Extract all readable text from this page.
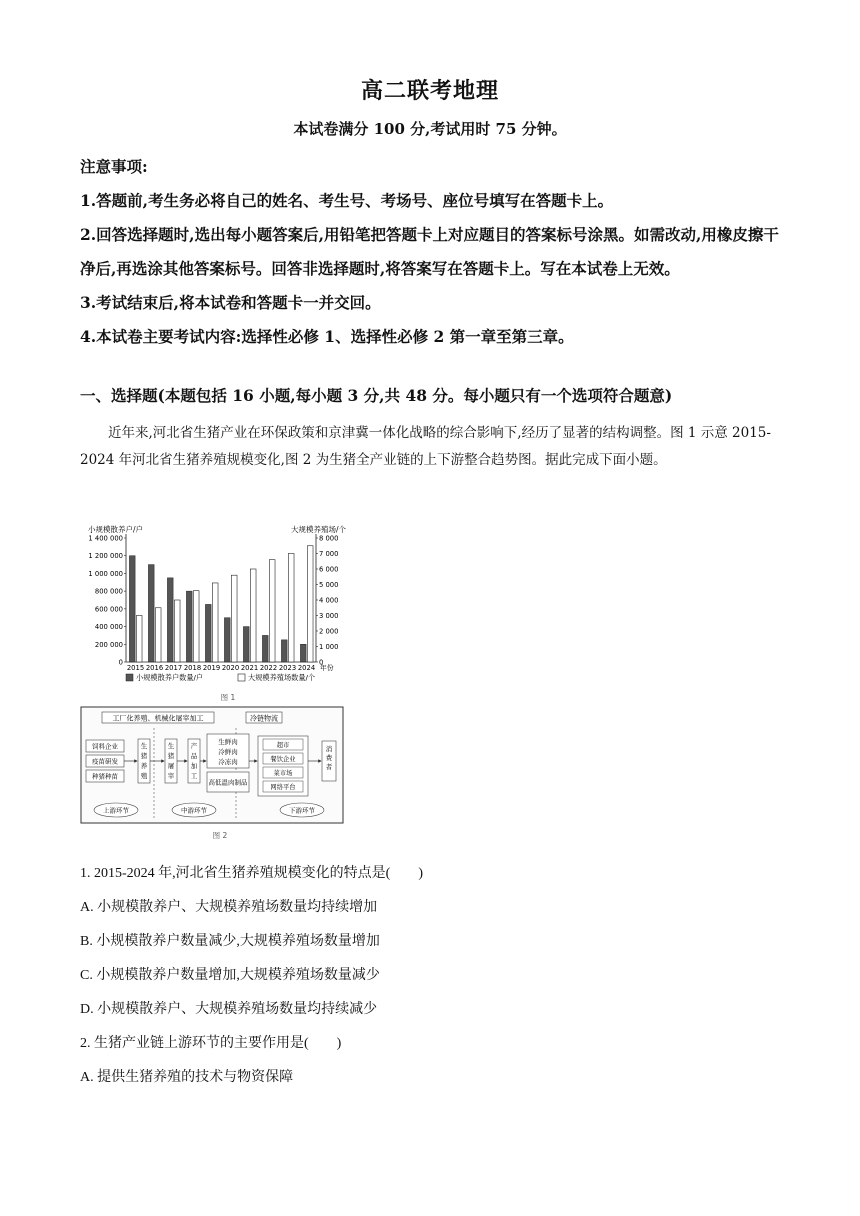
高二联考地理
本试卷满分 100 分,考试用时 75 分钟。

注意事项:

1.答题前,考生务必将自己的姓名、考生号、考场号、座位号填写在答题卡上。

2.回答选择题时,选出每小题答案后,用铅笔把答题卡上对应题目的答案标号涂黑。如需改动,用橡皮擦干净后,再选涂其他答案标号。回答非选择题时,将答案写在答题卡上。写在本试卷上无效。

3.考试结束后,将本试卷和答题卡一并交回。

4.本试卷主要考试内容:选择性必修 1、选择性必修 2 第一章至第三章。

一、选择题(本题包括 16 小题,每小题 3 分,共 48 分。每小题只有一个选项符合题意)

近年来,河北省生猪产业在环保政策和京津冀一体化战略的综合影响下,经历了显著的结构调整。图 1 示意 2015-2024 年河北省生猪养殖规模变化,图 2 为生猪全产业链的上下游整合趋势图。据此完成下面小题。

小规模散养户/户	大规模养殖场/个
0
200 000
400 000
600 000
800 000
1 000 000
1 200 000
1 400 000
0
1 000
2 000
3 000
4 000
5 000
6 000
7 000
8 000
2015 2016 2017 2018 2019 2020 2021 2022 2023 2024 年份
小规模散养户数量/户	大规模养殖场数量/个
图 1
工厂化养殖、机械化屠宰加工	冷链物流
饲料企业
疫苗研发
种猪种苗
生猪养殖
生猪屠宰
产品加工
生鲜肉
冷鲜肉
冷冻肉
高低温肉制品
超市
餐饮企业
菜市场
网络平台
消费者
上游环节	中游环节	下游环节
图 2
1. 2015-2024 年,河北省生猪养殖规模变化的特点是(　　)
A. 小规模散养户、大规模养殖场数量均持续增加
B. 小规模散养户数量减少,大规模养殖场数量增加
C. 小规模散养户数量增加,大规模养殖场数量减少
D. 小规模散养户、大规模养殖场数量均持续减少
2. 生猪产业链上游环节的主要作用是(　　)
A. 提供生猪养殖的技术与物资保障
